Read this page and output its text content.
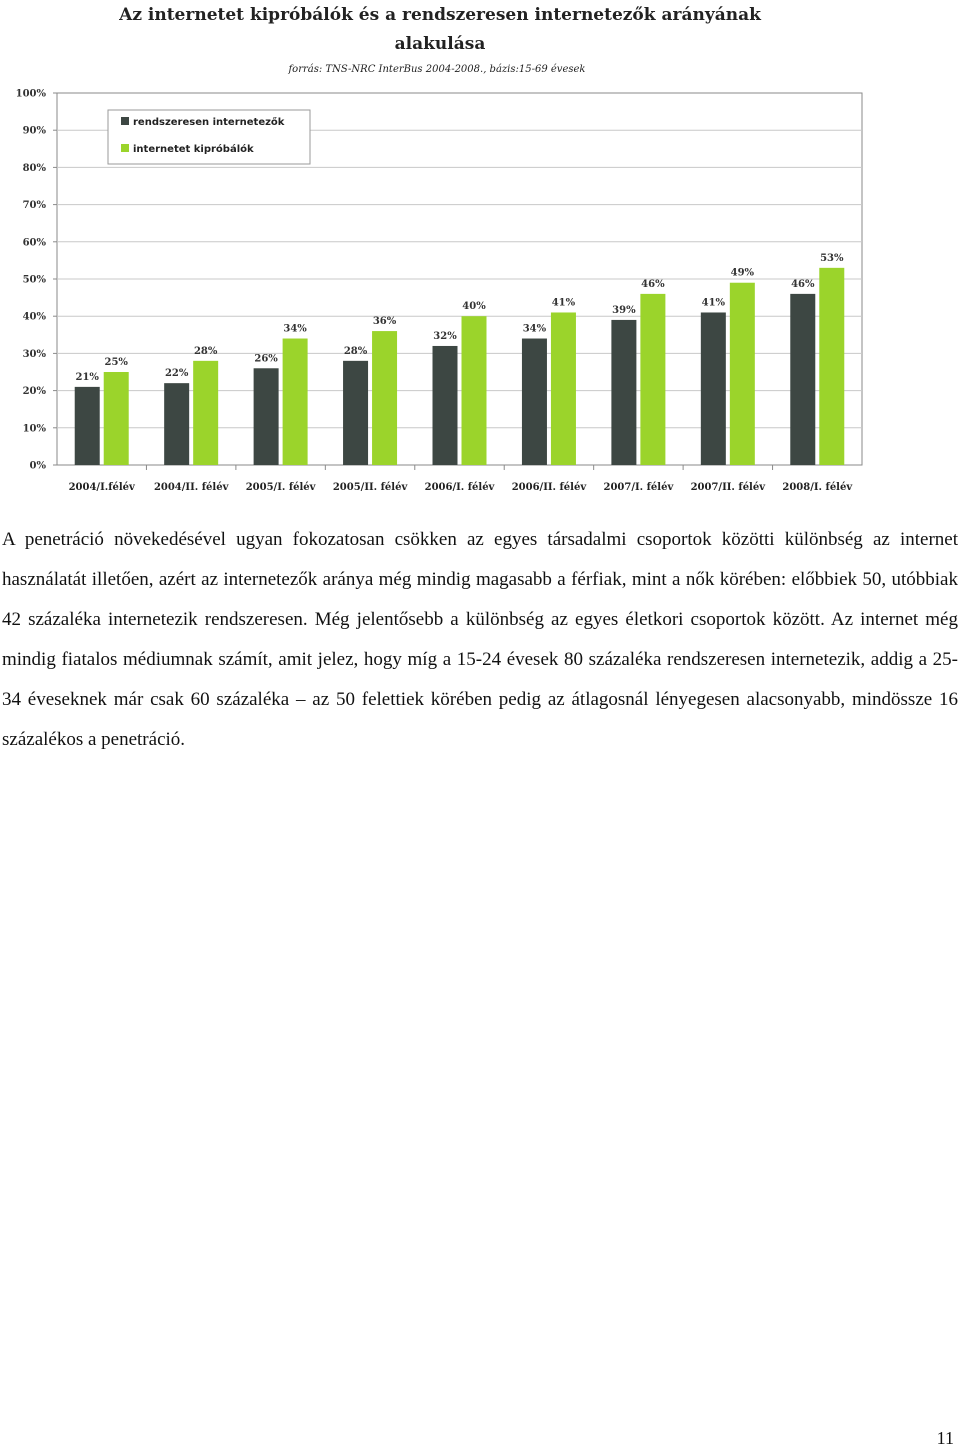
Az internetet kipróbálók és a rendszeresen internetezők arányának
alakulása
forrás: TNS-NRC InterBus 2004-2008., bázis:15-69 évesek
0%
10%
20%
30%
40%
50%
60%
70%
80%
90%
100%
21%
25%
22%
28%
26%
34%
28%
36%
32%
40%
34%
41%
39%
46%
41%
49%
46%
53%
2004/I.félév 2004/II. félév 2005/I. félév 2005/II. félév 2006/I. félév 2006/II. félév 2007/I. félév 2007/II. félév 2008/I. félév
rendszeresen internetezők
internetet kipróbálók

A penetráció növekedésével ugyan fokozatosan csökken az egyes társadalmi csoportok közötti különbség az internet használatát illetően, azért az internetezők aránya még mindig magasabb a férfiak, mint a nők körében: előbbiek 50, utóbbiak 42 százaléka internetezik rendszeresen. Még jelentősebb a különbség az egyes életkori csoportok között. Az internet még mindig fiatalos médiumnak számít, amit jelez, hogy míg a 15-24 évesek 80 százaléka rendszeresen internetezik, addig a 25-34 éveseknek már csak 60 százaléka – az 50 felettiek körében pedig az átlagosnál lényegesen alacsonyabb, mindössze 16 százalékos a penetráció.

11
